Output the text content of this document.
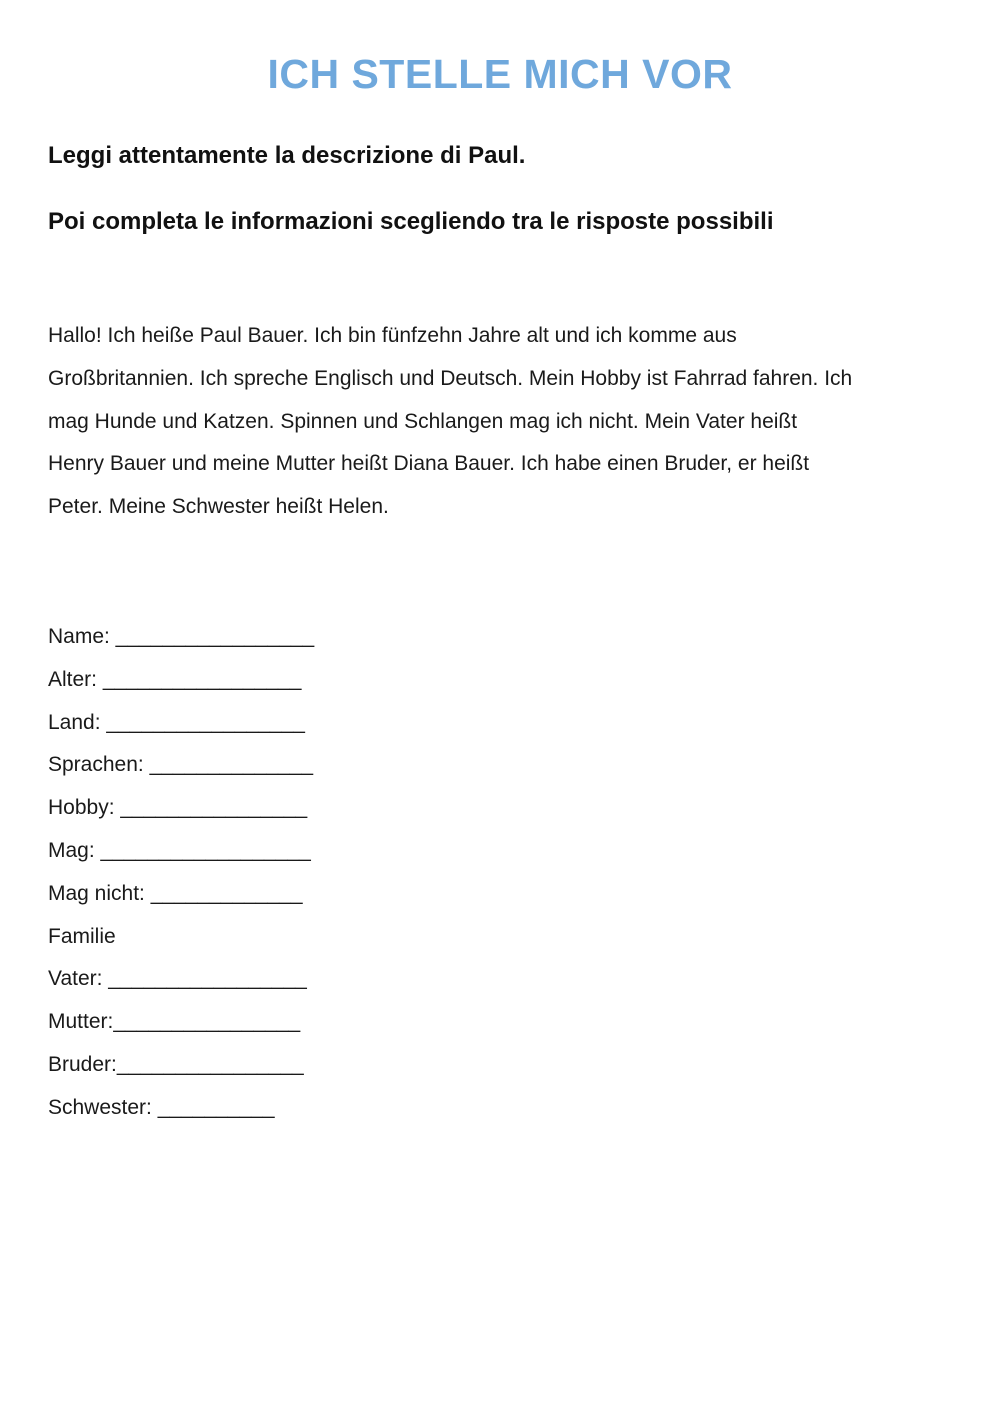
ICH STELLE MICH VOR

Leggi attentamente la descrizione di Paul.

Poi completa le informazioni scegliendo tra le risposte possibili

Hallo! Ich heiße Paul Bauer. Ich bin fünfzehn Jahre alt und ich komme aus
Großbritannien. Ich spreche Englisch und Deutsch. Mein Hobby ist Fahrrad fahren. Ich
mag Hunde und Katzen. Spinnen und Schlangen mag ich nicht. Mein Vater heißt
Henry Bauer und meine Mutter heißt Diana Bauer. Ich habe einen Bruder, er heißt
Peter. Meine Schwester heißt Helen.
Name: _________________
Alter: _________________
Land: _________________
Sprachen: ______________
Hobby: ________________
Mag: __________________
Mag nicht: _____________
Familie
Vater: _________________
Mutter:________________
Bruder:________________
Schwester: __________
